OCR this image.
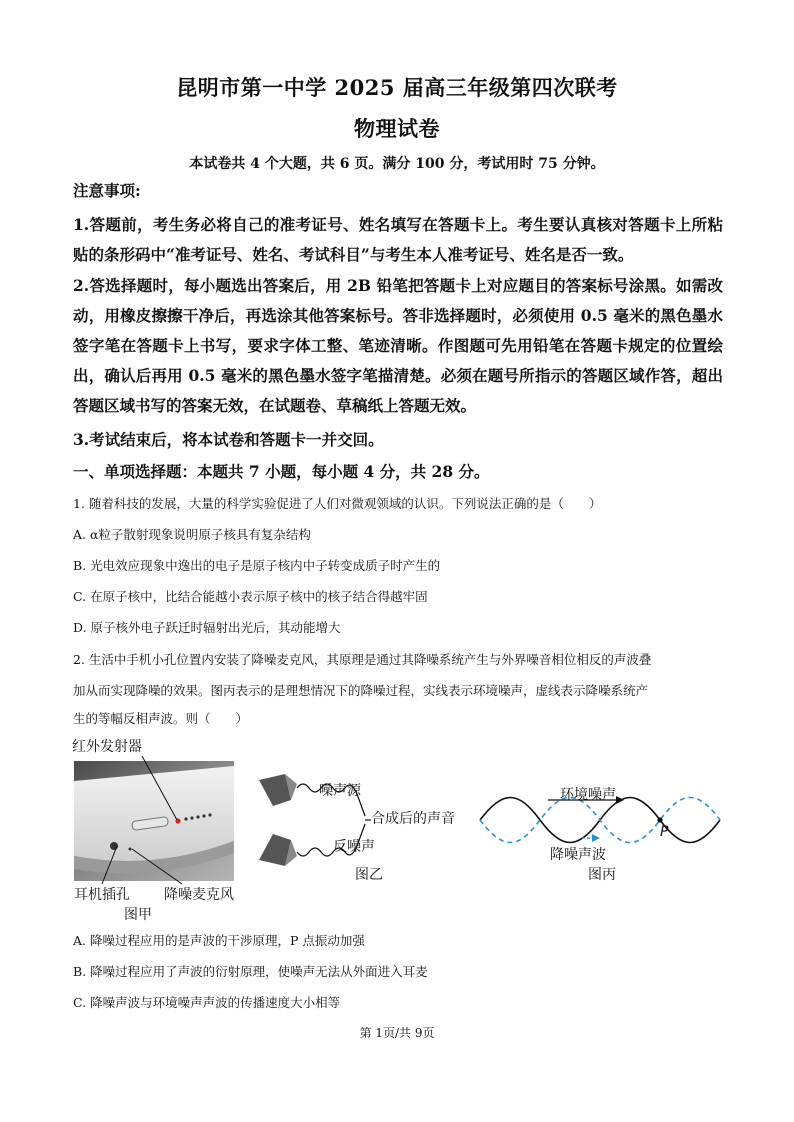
昆明市第一中学 2025 届高三年级第四次联考
物理试卷
本试卷共 4 个大题，共 6 页。满分 100 分，考试用时 75 分钟。
注意事项:
1.答题前，考生务必将自己的准考证号、姓名填写在答题卡上。考生要认真核对答题卡上所粘贴的条形码中“准考证号、姓名、考试科目”与考生本人准考证号、姓名是否一致。
2.答选择题时，每小题选出答案后，用 2B 铅笔把答题卡上对应题目的答案标号涂黑。如需改动，用橡皮擦擦干净后，再选涂其他答案标号。答非选择题时，必须使用 0.5 毫米的黑色墨水签字笔在答题卡上书写，要求字体工整、笔迹清晰。作图题可先用铅笔在答题卡规定的位置绘出，确认后再用 0.5 毫米的黑色墨水签字笔描清楚。必须在题号所指示的答题区域作答，超出答题区域书写的答案无效，在试题卷、草稿纸上答题无效。
3.考试结束后，将本试卷和答题卡一并交回。
一、单项选择题：本题共 7 小题，每小题 4 分，共 28 分。
1. 随着科技的发展，大量的科学实验促进了人们对微观领域的认识。下列说法正确的是（　　）
A. α粒子散射现象说明原子核具有复杂结构
B. 光电效应现象中逸出的电子是原子核内中子转变成质子时产生的
C. 在原子核中，比结合能越小表示原子核中的核子结合得越牢固
D. 原子核外电子跃迁时辐射出光后，其动能增大
2. 生活中手机小孔位置内安装了降噪麦克风，其原理是通过其降噪系统产生与外界噪音相位相反的声波叠
加从而实现降噪的效果。图丙表示的是理想情况下的降噪过程，实线表示环境噪声，虚线表示降噪系统产
生的等幅反相声波。则（　　）
红外发射器
耳机插孔 降噪麦克风
图甲
噪声源
合成后的声音
反噪声
图乙
环境噪声
降噪声波
P
图丙
A. 降噪过程应用的是声波的干涉原理，P 点振动加强
B. 降噪过程应用了声波的衍射原理，使噪声无法从外面进入耳麦
C. 降噪声波与环境噪声声波的传播速度大小相等
第 1页/共 9页
